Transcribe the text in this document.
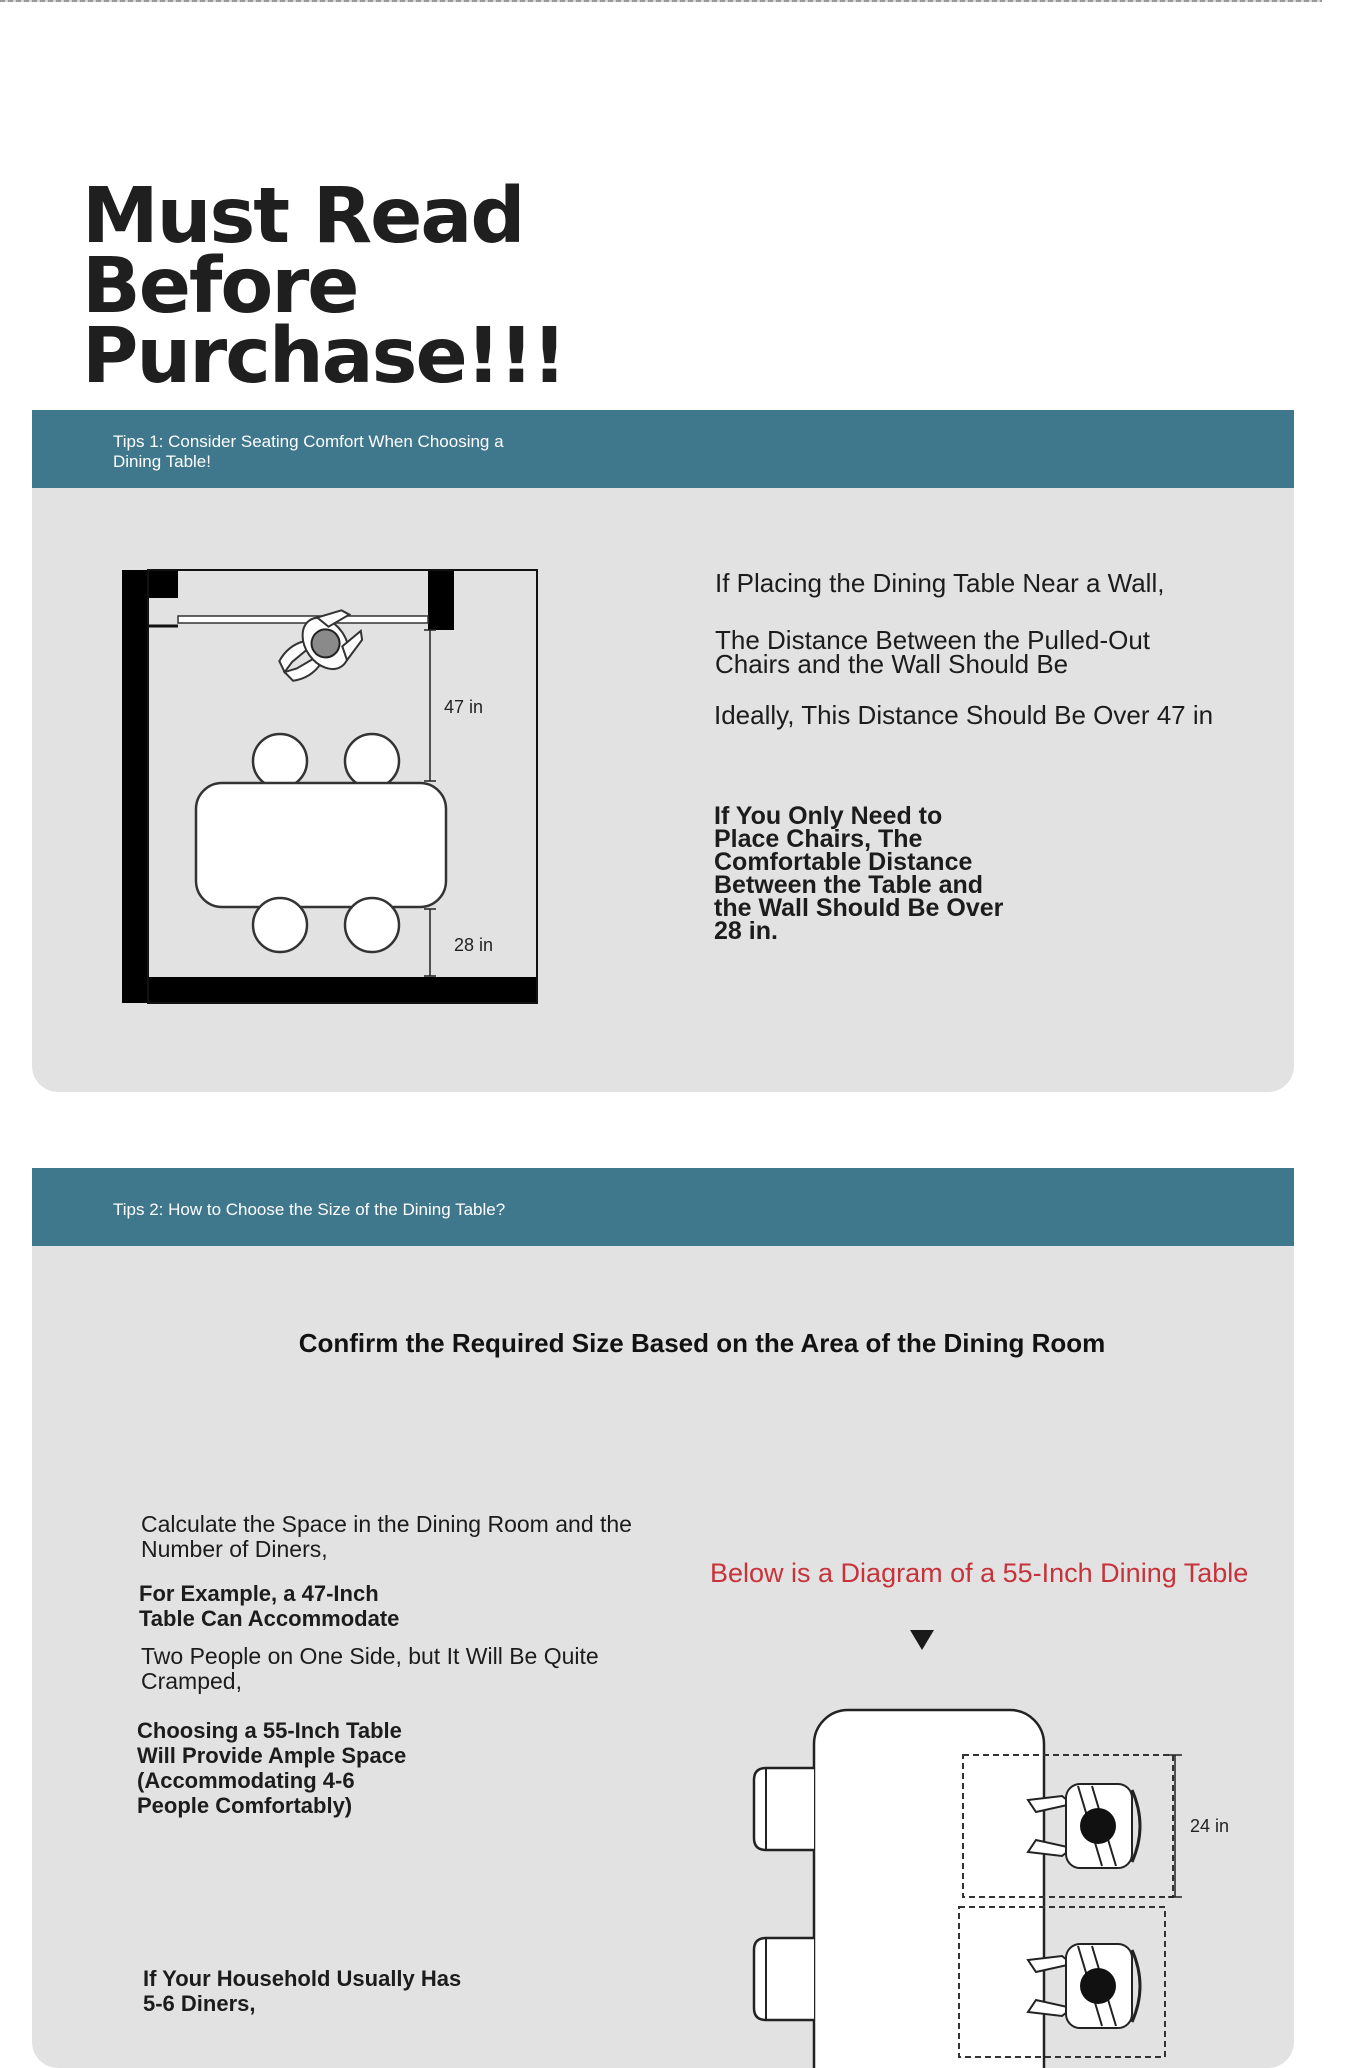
Must Read Before Purchase!!!
Tips 1: Consider Seating Comfort When Choosing a Dining Table!
47 in
28 in

If Placing the Dining Table Near a Wall,

The Distance Between the Pulled-Out Chairs and the Wall Should Be

Ideally, This Distance Should Be Over 47 in

If You Only Need to Place Chairs, The Comfortable Distance Between the Table and the Wall Should Be Over 28 in.

Tips 2: How to Choose the Size of the Dining Table?

Confirm the Required Size Based on the Area of the Dining Room

Calculate the Space in the Dining Room and the Number of Diners,

For Example, a 47-Inch Table Can Accommodate

Two People on One Side, but It Will Be Quite Cramped,

Choosing a 55-Inch Table Will Provide Ample Space (Accommodating 4-6 People Comfortably)

If Your Household Usually Has 5-6 Diners,

Below is a Diagram of a 55-Inch Dining Table

24 in
